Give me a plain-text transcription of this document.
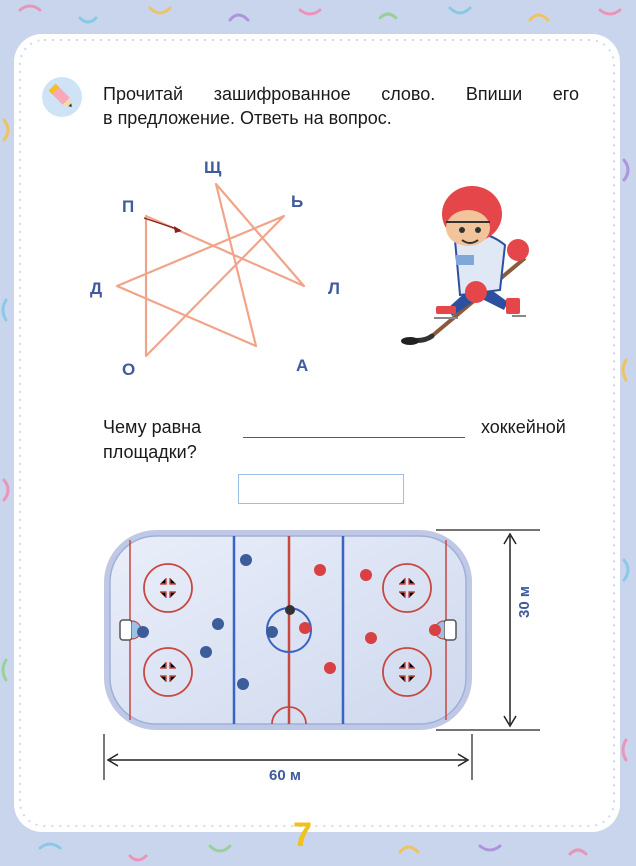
Прочитай зашифрованное слово. Впиши его
в предложение. Ответь на вопрос.
Щ
Ь
Л
А
О
Д
П
Чему равна	хоккейной
площадки?
60 м
30 м
7
